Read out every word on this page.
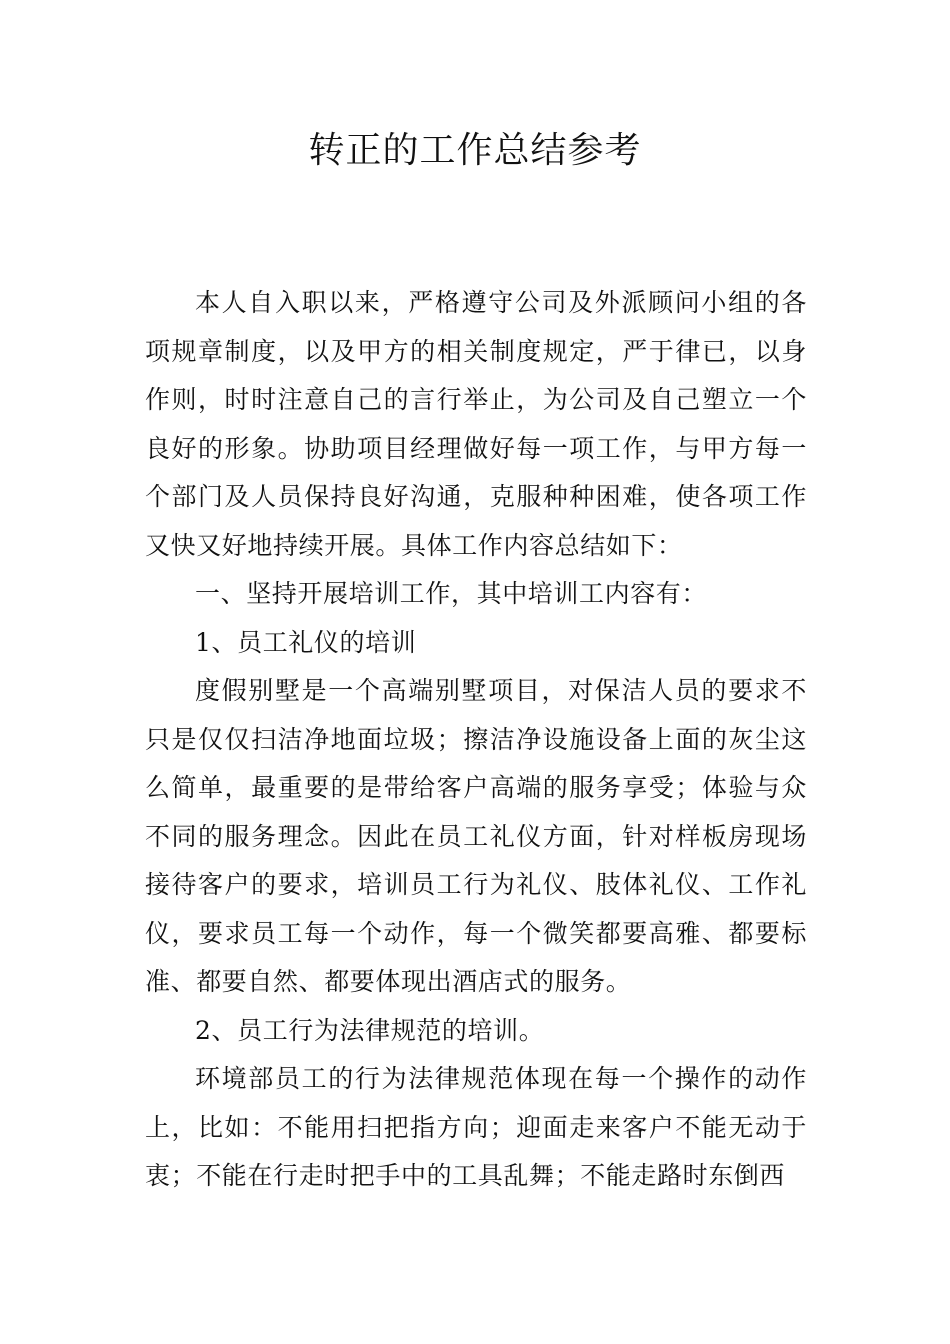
转正的工作总结参考

本人自入职以来，严格遵守公司及外派顾问小组的各项规章制度，以及甲方的相关制度规定，严于律已，以身作则，时时注意自己的言行举止，为公司及自己塑立一个良好的形象。协助项目经理做好每一项工作，与甲方每一个部门及人员保持良好沟通，克服种种困难，使各项工作又快又好地持续开展。具体工作内容总结如下：

一、坚持开展培训工作，其中培训工内容有：

1、员工礼仪的培训

度假别墅是一个高端别墅项目，对保洁人员的要求不只是仅仅扫洁净地面垃圾；擦洁净设施设备上面的灰尘这么简单，最重要的是带给客户高端的服务享受；体验与众不同的服务理念。因此在员工礼仪方面，针对样板房现场接待客户的要求，培训员工行为礼仪、肢体礼仪、工作礼仪，要求员工每一个动作，每一个微笑都要高雅、都要标准、都要自然、都要体现出酒店式的服务。

2、员工行为法律规范的培训。

环境部员工的行为法律规范体现在每一个操作的动作上，比如：不能用扫把指方向；迎面走来客户不能无动于衷；不能在行走时把手中的工具乱舞；不能走路时东倒西
